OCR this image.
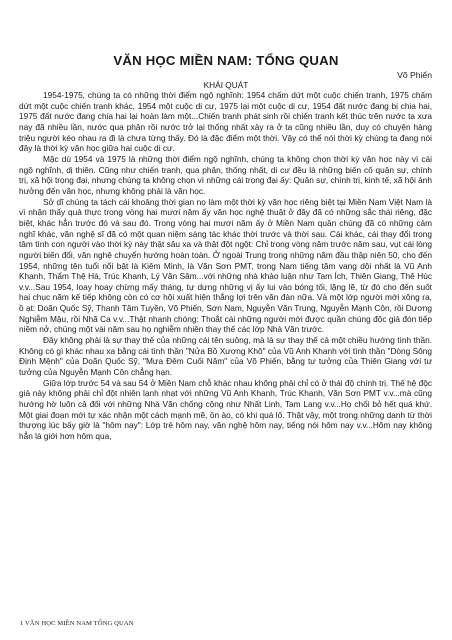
VĂN HỌC MIỀN NAM: TỔNG QUAN
Võ Phiến
KHÁI QUÁT

1954-1975, chúng ta có những thời điểm ngộ nghĩnh: 1954 chấm dứt một cuộc chiến tranh, 1975 chấm dứt một cuộc chiến tranh khác, 1954 một cuộc di cư, 1975 lại một cuộc di cư, 1954 đất nước đang bị chia hai, 1975 đất nước đang chia hai lại hoàn làm một...Chiến tranh phát sinh rồi chiến tranh kết thúc trên nước ta xưa nay đã nhiều lần, nước qua phân rồi nước trở lại thống nhất xảy ra ở ta cũng nhiều lần, duy có chuyện hàng triệu người kéo nhau ra đi là chưa từng thấy. Đó là đặc điểm một thời. Vậy có thể nói thời kỳ chúng ta đang nói đây là thời kỳ văn học giữa hai cuộc di cư.

Mặc dù 1954 và 1975 là những thời điểm ngộ nghĩnh, chúng ta không chọn thời kỳ văn học này vì cái ngộ nghĩnh, dị thiên. Cũng như chiến tranh, qua phân, thống nhất, di cư đều là những biến cố quân sự, chính trị, xã hội trọng đại, nhưng chúng ta không chọn vì những cái trọng đại ấy: Quân sự, chính trị, kinh tế, xã hội ảnh hưởng đến văn học, nhưng không phải là văn học.

Sở dĩ chúng ta tách cái khoảng thời gian nọ làm một thời kỳ văn học riêng biệt tại Miền Nam Việt Nam là vì nhận thấy quả thực trong vòng hai mươi năm ấy văn học nghệ thuật ở đây đã có những sắc thái riêng, đặc biệt, khác hẳn trước đó và sau đó. Trong vòng hai mươi năm ấy ở Miền Nam quần chúng đã có những cảm nghĩ khác, văn nghệ sĩ đã có một quan niệm sáng tác khác thời trước và thời sau. Cái khác, cái thay đổi trong tâm tình con người vào thời kỳ này thật sâu xa và thật đột ngột: Chỉ trong vòng năm trước năm sau, vụt cái lòng người biến đổi, văn nghệ chuyển hướng hoàn toàn. Ở ngoài Trung trong những năm đầu thập niên 50, cho đến 1954, những tên tuổi nổi bật là Kiêm Minh, là Văn Sơn PMT, trong Nam tiếng tăm vang dội nhất là Vũ Anh Khanh, Thẩm Thệ Hà, Trúc Khanh, Lý Văn Sâm...với những nhà khảo luận như Tam Ích, Thiên Giang, Thê Húc v.v...Sau 1954, loay hoay chừng mấy tháng, tự dưng những vị ấy lui vào bóng tối, lặng lẽ, từ đó cho đến suốt hai chục năm kế tiếp không còn có cơ hội xuất hiện thắng lợi trên văn đàn nữa. Và một lớp người mới xông ra, ồ ạt: Doãn Quốc Sỹ, Thanh Tâm Tuyền, Võ Phiến, Sơn Nam, Nguyễn Văn Trung, Nguyễn Mạnh Côn, rồi Dương Nghiễm Mậu, rồi Nhã Ca v.v...Thật nhanh chóng: Thoắt cái những người mới được quần chúng độc giả đón tiếp niềm nở, chúng một vài năm sau họ nghiễm nhiên thay thế các lớp Nhà Văn trước.

Đây không phải là sự thay thế của những cái tên suông, mà là sự thay thế cả một chiều hướng tình thần. Không có gì khác nhau xa bằng cái tình thần "Nửa Bồ Xương Khô" của Vũ Anh Khanh với tình thần "Dòng Sông Định Mệnh" của Doãn Quốc Sỹ, "Mưa Đêm Cuối Năm" của Võ Phiến, bằng tư tưởng của Thiên Giang với tư tưởng của Nguyễn Mạnh Côn chẳng hạn.

Giữa lớp trước 54 và sau 54 ở Miền Nam chỗ khác nhau không phải chỉ có ở thái độ chính trị. Thế hệ độc giả này không phải chỉ đột nhiên lạnh nhạt với những Vũ Anh Khanh, Trúc Khanh, Văn Sơn PMT v.v...mà cũng hướng hờ luôn cả đối với những Nhà Văn chống cộng như Nhất Linh, Tam Lang v.v...Họ chối bỏ hết quá khứ. Một giai đoạn mới tự xác nhận một cách mạnh mẽ, ồn ào, có khi quá lố. Thật vậy, một trong những danh từ thời thượng lúc bấy giờ là "hôm nay": Lớp trẻ hôm nay, văn nghệ hôm nay, tiếng nói hôm nay v.v...Hôm nay không hẳn là giới hơn hôm qua,

1 VĂN HỌC MIỀN NAM TỔNG QUAN
